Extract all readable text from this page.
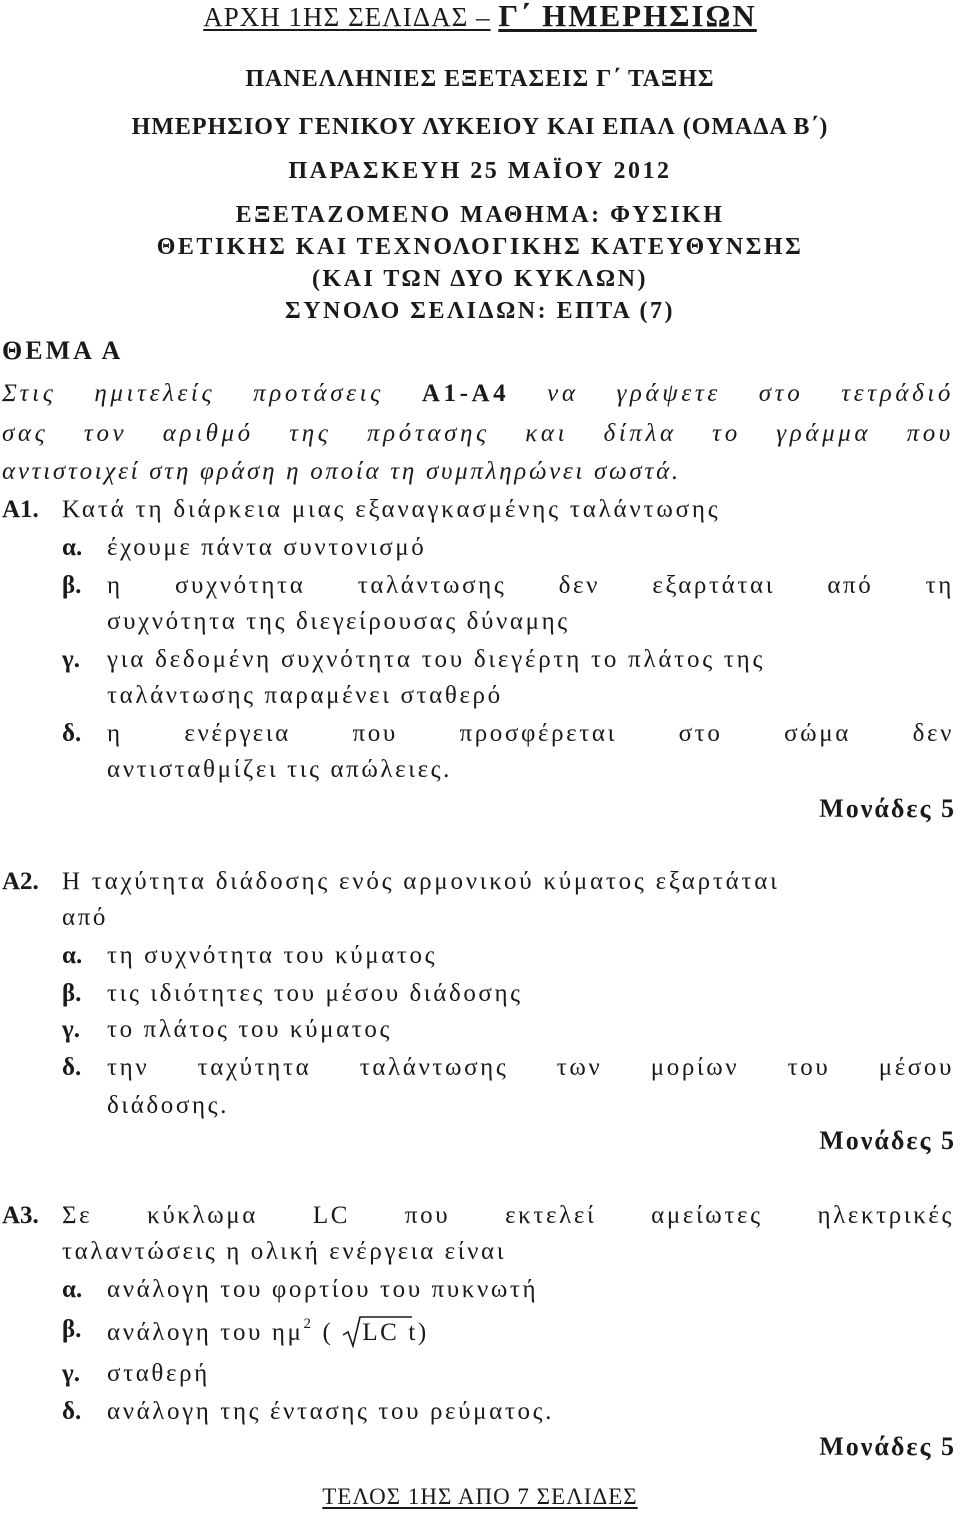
ΑΡΧΗ 1ΗΣ ΣΕΛΙΔΑΣ – Γ΄ ΗΜΕΡΗΣΙΩΝ
ΠΑΝΕΛΛΗΝΙΕΣ ΕΞΕΤΑΣΕΙΣ Γ΄ ΤΑΞΗΣ
ΗΜΕΡΗΣΙΟΥ ΓΕΝΙΚΟΥ ΛΥΚΕΙΟΥ ΚΑΙ ΕΠΑΛ (ΟΜΑΔΑ Β΄)
ΠΑΡΑΣΚΕΥΗ 25 ΜΑΪΟΥ 2012
ΕΞΕΤΑΖΟΜΕΝΟ ΜΑΘΗΜΑ: ΦΥΣΙΚΗ
ΘΕΤΙΚΗΣ ΚΑΙ ΤΕΧΝΟΛΟΓΙΚΗΣ ΚΑΤΕΥΘΥΝΣΗΣ
(ΚΑΙ ΤΩΝ ΔΥΟ ΚΥΚΛΩΝ)
ΣΥΝΟΛΟ ΣΕΛΙΔΩΝ: ΕΠΤΑ (7)
ΘΕΜΑ Α
Στις ημιτελείς προτάσεις Α1-Α4 να γράψετε στο τετράδιό
σας τον αριθμό της πρότασης και δίπλα το γράμμα που
αντιστοιχεί στη φράση η οποία τη συμπληρώνει σωστά.
Α1. Κατά τη διάρκεια μιας εξαναγκασμένης ταλάντωσης
α. έχουμε πάντα συντονισμό
β. η συχνότητα ταλάντωσης δεν εξαρτάται από τη
συχνότητα της διεγείρουσας δύναμης
γ. για δεδομένη συχνότητα του διεγέρτη το πλάτος της
ταλάντωσης παραμένει σταθερό
δ. η ενέργεια που προσφέρεται στο σώμα δεν
αντισταθμίζει τις απώλειες.
Μονάδες 5
Α2. Η ταχύτητα διάδοσης ενός αρμονικού κύματος εξαρτάται
από
α. τη συχνότητα του κύματος
β. τις ιδιότητες του μέσου διάδοσης
γ. το πλάτος του κύματος
δ. την ταχύτητα ταλάντωσης των μορίων του μέσου
διάδοσης.
Μονάδες 5
Α3. Σε κύκλωμα LC που εκτελεί αμείωτες ηλεκτρικές
ταλαντώσεις η ολική ενέργεια είναι
α. ανάλογη του φορτίου του πυκνωτή
β. ανάλογη του $\eta\mu^2$ ( LC t)
γ. σταθερή
δ. ανάλογη της έντασης του ρεύματος.
Μονάδες 5
ΤΕΛΟΣ 1ΗΣ ΑΠΟ 7 ΣΕΛΙΔΕΣ
